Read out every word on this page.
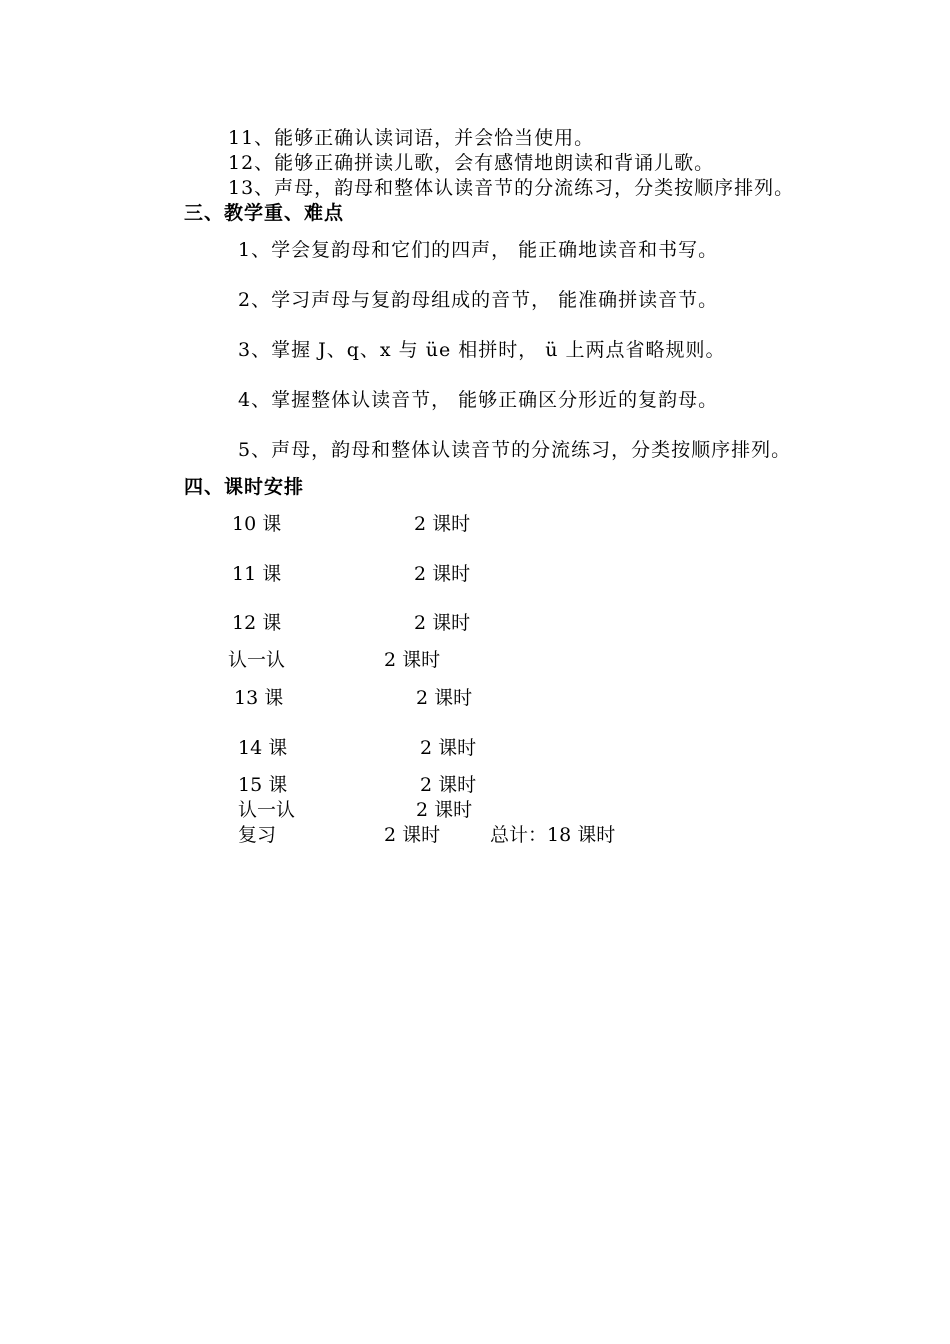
11、能够正确认读词语，并会恰当使用。
12、能够正确拼读儿歌，会有感情地朗读和背诵儿歌。
13、声母，韵母和整体认读音节的分流练习，分类按顺序排列。
三、教学重、难点
1、学会复韵母和它们的四声， 能正确地读音和书写。
2、学习声母与复韵母组成的音节， 能准确拼读音节。
3、掌握 J、q、x 与 üe 相拼时， ü 上两点省略规则。
4、掌握整体认读音节， 能够正确区分形近的复韵母。
5、声母，韵母和整体认读音节的分流练习，分类按顺序排列。
四、课时安排
10 课	2 课时
11 课	2 课时
12 课	2 课时
认一认	2 课时
13 课	2 课时
14 课	2 课时
15 课	2 课时
认一认	2 课时
复习	2 课时	总计：18 课时
